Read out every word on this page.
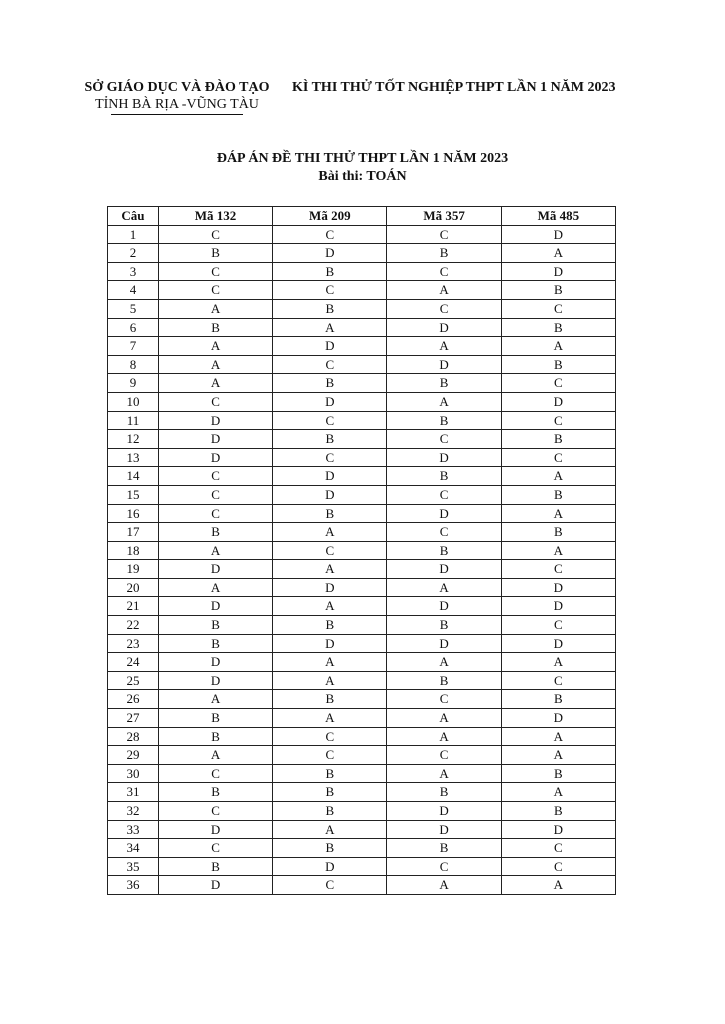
SỞ GIÁO DỤC VÀ ĐÀO TẠO
TỈNH BÀ RỊA -VŨNG TÀU
KÌ THI THỬ TỐT NGHIỆP THPT LẦN 1 NĂM 2023
ĐÁP ÁN ĐỀ THI THỬ THPT LẦN 1 NĂM 2023
Bài thi: TOÁN
Câu	Mã 132	Mã 209	Mã 357	Mã 485
1	C	C	C	D
2	B	D	B	A
3	C	B	C	D
4	C	C	A	B
5	A	B	C	C
6	B	A	D	B
7	A	D	A	A
8	A	C	D	B
9	A	B	B	C
10	C	D	A	D
11	D	C	B	C
12	D	B	C	B
13	D	C	D	C
14	C	D	B	A
15	C	D	C	B
16	C	B	D	A
17	B	A	C	B
18	A	C	B	A
19	D	A	D	C
20	A	D	A	D
21	D	A	D	D
22	B	B	B	C
23	B	D	D	D
24	D	A	A	A
25	D	A	B	C
26	A	B	C	B
27	B	A	A	D
28	B	C	A	A
29	A	C	C	A
30	C	B	A	B
31	B	B	B	A
32	C	B	D	B
33	D	A	D	D
34	C	B	B	C
35	B	D	C	C
36	D	C	A	A
